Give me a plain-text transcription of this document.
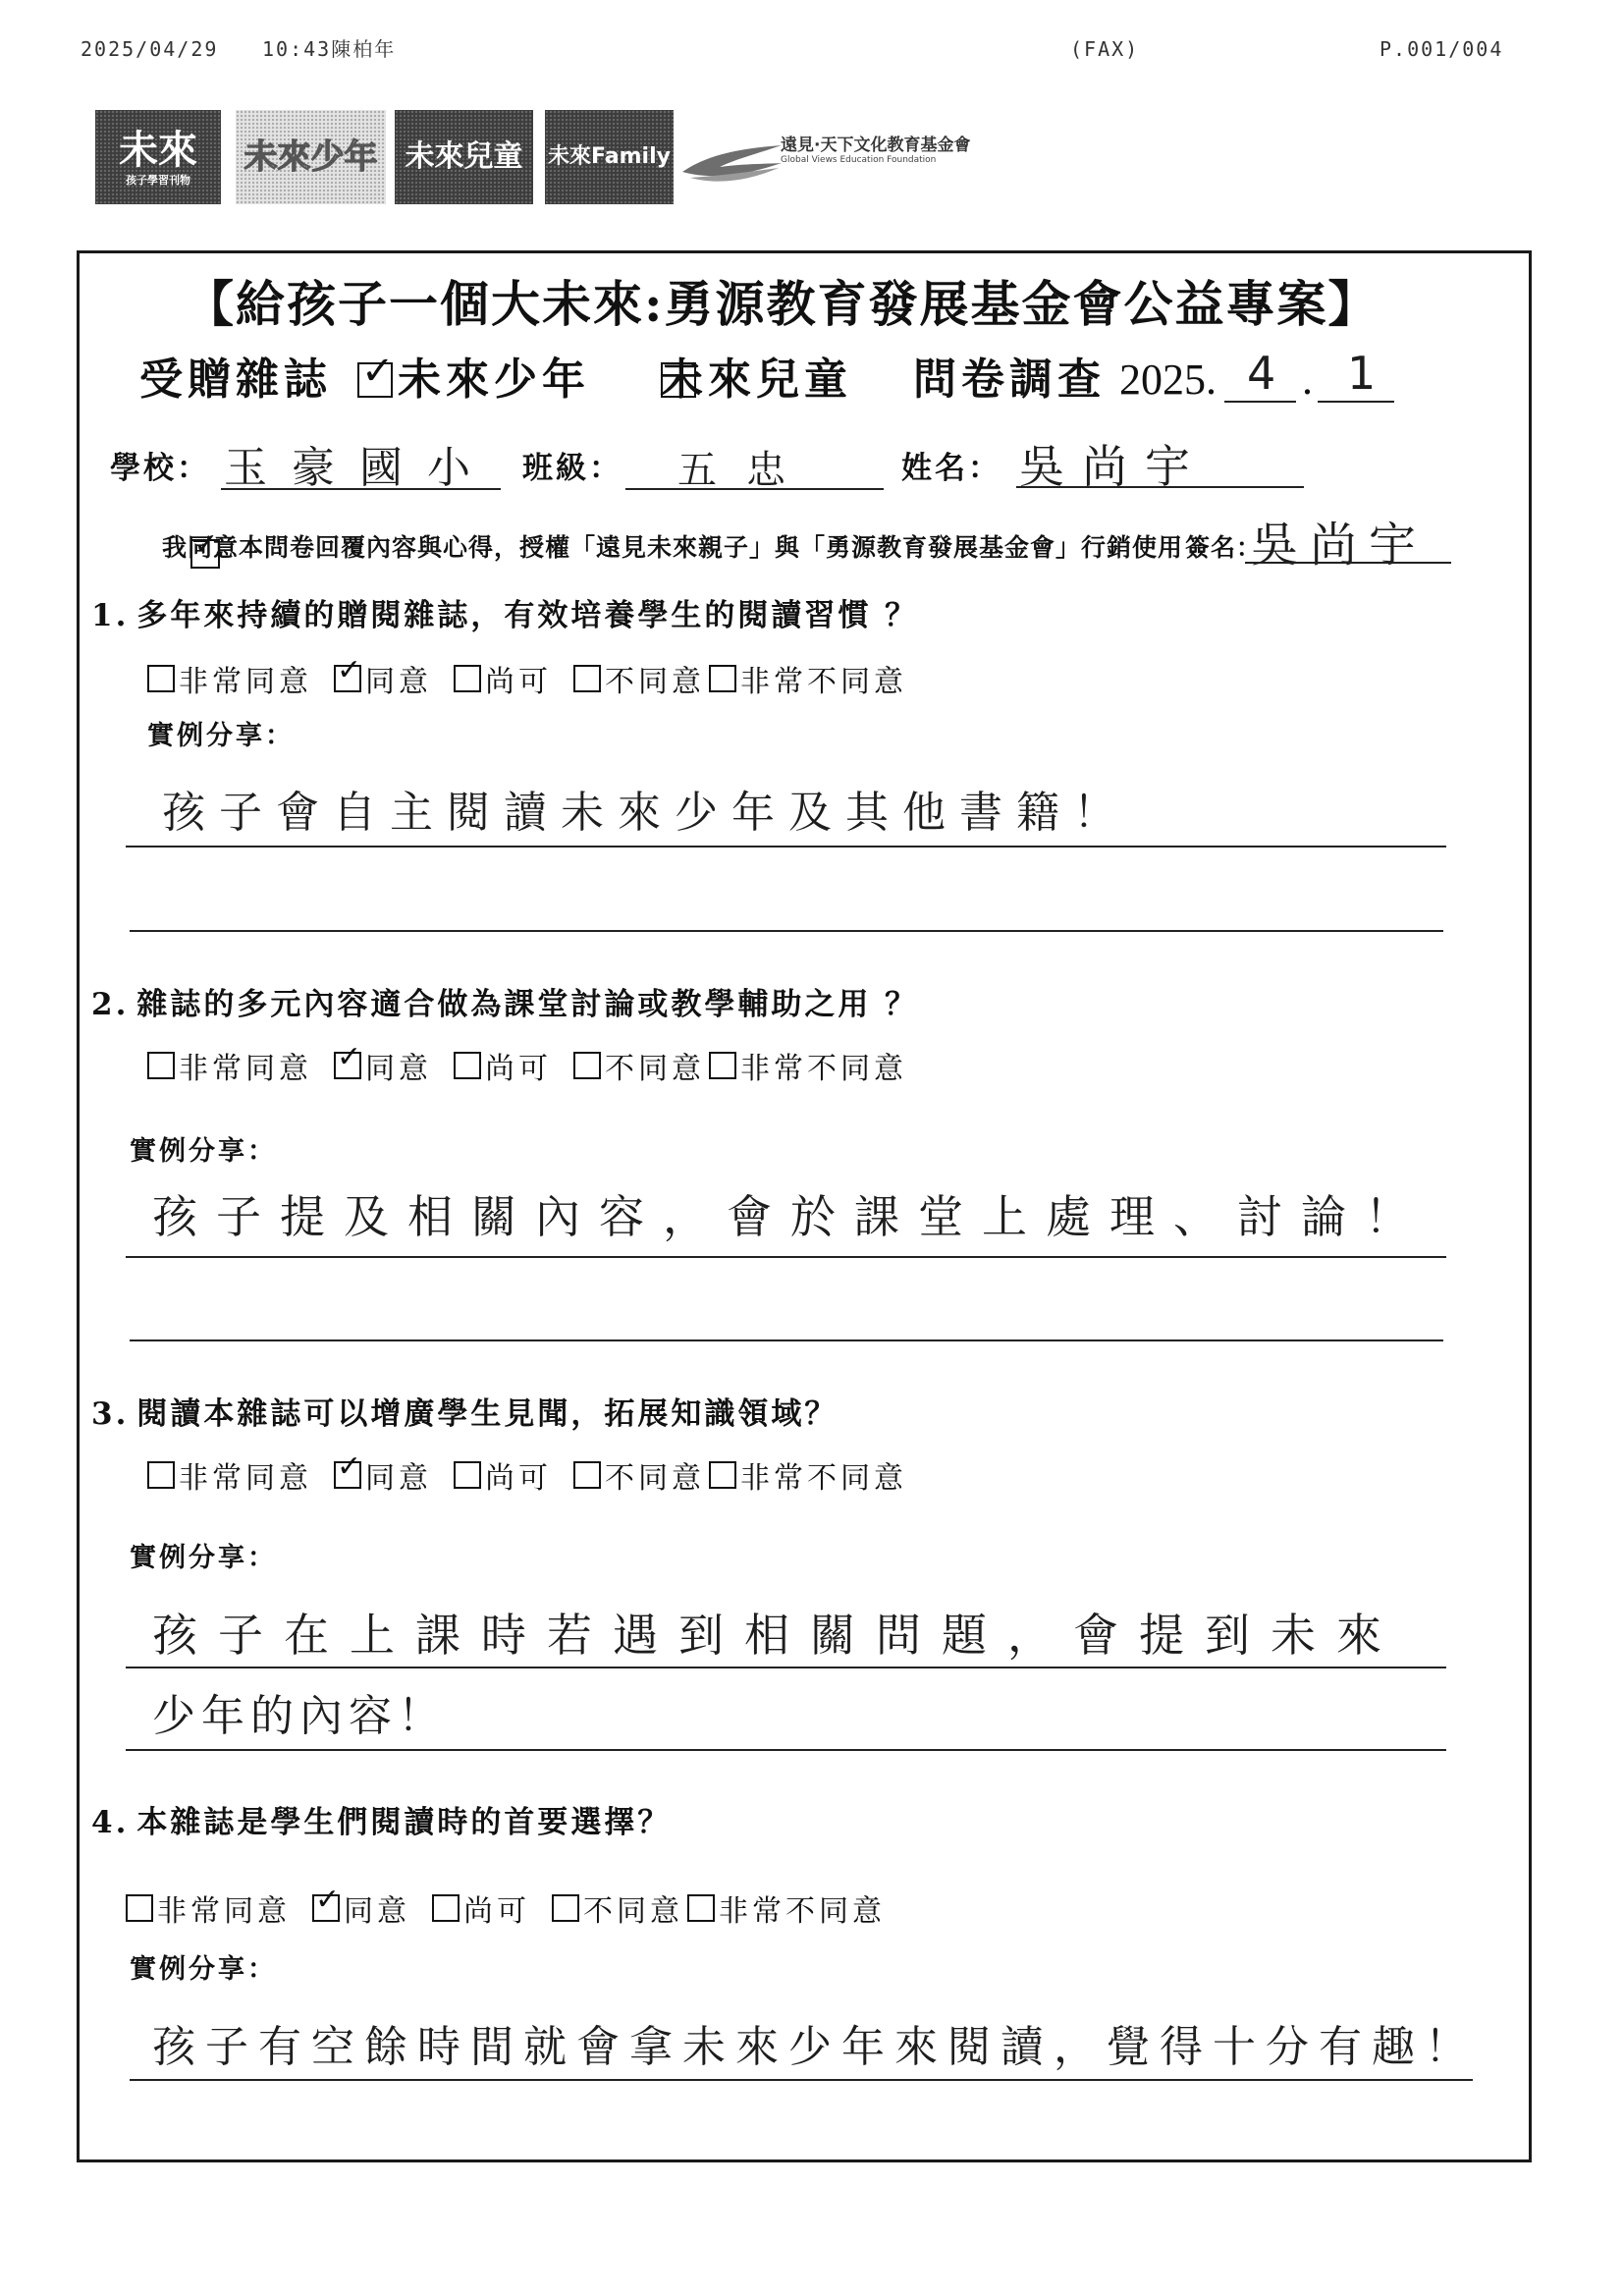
2025/04/29 10:43陳柏年	(FAX)	P.001/004
未來
孩子學習刊物
未來少年 未來兒童 未來Family	遠見·天下文化教育基金會
Global Views Education Foundation
【給孩子一個大未來:勇源教育發展基金會公益專案】
受贈雜誌 ✓ 未來少年
未來兒童 問卷調查 2025. 4 . 1
學校： 玉豪國小 班級： 五忠	姓名： 吳尚宇
✓
我同意本問卷回覆內容與心得，授權「遠見未來親子」與「勇源教育發展基金會」行銷使用 簽名：
吳尚宇
1. 多年來持續的贈閱雜誌，有效培養學生的閱讀習慣 ？
非常同意 ✓ 同意 尚可 不同意 非常不同意
實例分享：
孩子會自主閱讀未來少年及其他書籍！
2. 雜誌的多元內容適合做為課堂討論或教學輔助之用 ？
非常同意 ✓ 同意 尚可 不同意 非常不同意
實例分享：
孩子提及相關內容，會於課堂上處理、討論！
3. 閱讀本雜誌可以增廣學生見聞，拓展知識領域？
非常同意 ✓ 同意 尚可 不同意 非常不同意
實例分享：
孩子在上課時若遇到相關問題，會提到未來
少年的內容！
4. 本雜誌是學生們閱讀時的首要選擇？
非常同意 ✓ 同意 尚可 不同意 非常不同意
實例分享：
孩子有空餘時間就會拿未來少年來閱讀，覺得十分有趣！
